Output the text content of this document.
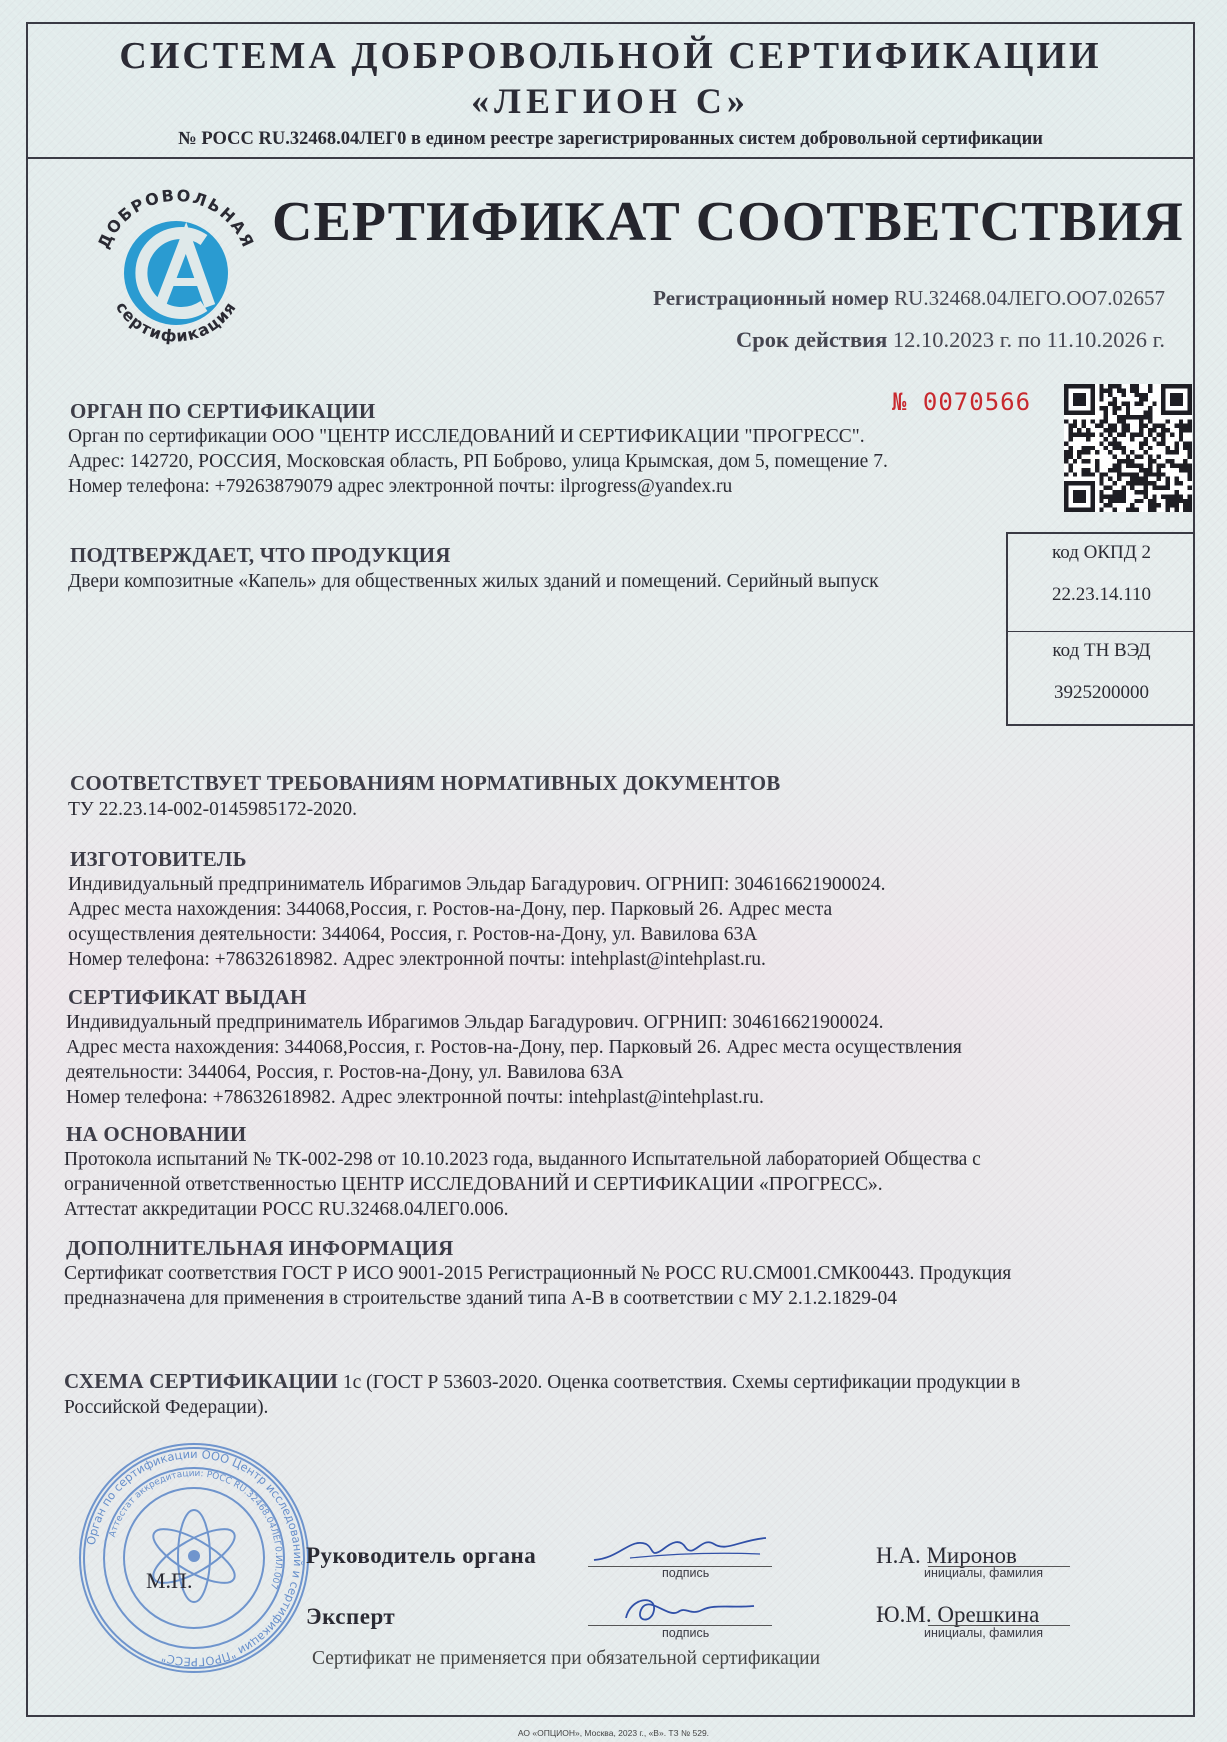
СИСТЕМА ДОБРОВОЛЬНОЙ СЕРТИФИКАЦИИ
«ЛЕГИОН С»
№ РОСС RU.32468.04ЛЕГ0 в едином реестре зарегистрированных систем добровольной сертификации
ДОБРОВОЛЬНАЯ
сертификация
СЕРТИФИКАТ СООТВЕТСТВИЯ
Регистрационный номер RU.32468.04ЛЕГО.ОО7.02657
Срок действия 12.10.2023 г. по 11.10.2026 г.
ОРГАН ПО СЕРТИФИКАЦИИ	№ 0070566
Орган по сертификации ООО "ЦЕНТР ИССЛЕДОВАНИЙ И СЕРТИФИКАЦИИ "ПРОГРЕСС".
Адрес: 142720, РОССИЯ, Московская область, РП Боброво, улица Крымская, дом 5, помещение 7.
Номер телефона: +79263879079 адрес электронной почты: ilprogress@yandex.ru
ПОДТВЕРЖДАЕТ, ЧТО ПРОДУКЦИЯ
Двери композитные «Капель» для общественных жилых зданий и помещений. Серийный выпуск
код ОКПД 2
22.23.14.110
код ТН ВЭД
3925200000
СООТВЕТСТВУЕТ ТРЕБОВАНИЯМ НОРМАТИВНЫХ ДОКУМЕНТОВ
ТУ 22.23.14-002-0145985172-2020.
ИЗГОТОВИТЕЛЬ
Индивидуальный предприниматель Ибрагимов Эльдар Багадурович. ОГРНИП: 304616621900024.
Адрес места нахождения: 344068,Россия, г. Ростов-на-Дону, пер. Парковый 26. Адрес места
осуществления деятельности: 344064, Россия, г. Ростов-на-Дону, ул. Вавилова 63А
Номер телефона: +78632618982. Адрес электронной почты: intehplast@intehplast.ru.
СЕРТИФИКАТ ВЫДАН
Индивидуальный предприниматель Ибрагимов Эльдар Багадурович. ОГРНИП: 304616621900024.
Адрес места нахождения: 344068,Россия, г. Ростов-на-Дону, пер. Парковый 26. Адрес места осуществления
деятельности: 344064, Россия, г. Ростов-на-Дону, ул. Вавилова 63А
Номер телефона: +78632618982. Адрес электронной почты: intehplast@intehplast.ru.
НА ОСНОВАНИИ
Протокола испытаний № ТК-002-298 от 10.10.2023 года, выданного Испытательной лабораторией Общества с
ограниченной ответственностью ЦЕНТР ИССЛЕДОВАНИЙ И СЕРТИФИКАЦИИ «ПРОГРЕСС».
Аттестат аккредитации РОСС RU.32468.04ЛЕГ0.006.
ДОПОЛНИТЕЛЬНАЯ ИНФОРМАЦИЯ
Сертификат соответствия ГОСТ Р ИСО 9001-2015 Регистрационный № РОСС RU.СМ001.СМК00443. Продукция
предназначена для применения в строительстве зданий типа А-В в соответствии с МУ 2.1.2.1829-04
СХЕМА СЕРТИФИКАЦИИ 1с (ГОСТ Р 53603-2020. Оценка соответствия. Схемы сертификации продукции в
Российской Федерации).
Орган по сертификации ООО Центр исследований и сертификации "ПРОГРЕСС"
Аттестат аккредитации: РОСС RU.32468.04ЛЕГ0.ИЛ.007
М.П.
Руководитель органа
подпись
Н.А. Миронов
инициалы, фамилия
Эксперт
подпись
Ю.М. Орешкина
инициалы, фамилия
Сертификат не применяется при обязательной сертификации
АО «ОПЦИОН», Москва, 2023 г., «В». ТЗ № 529.
